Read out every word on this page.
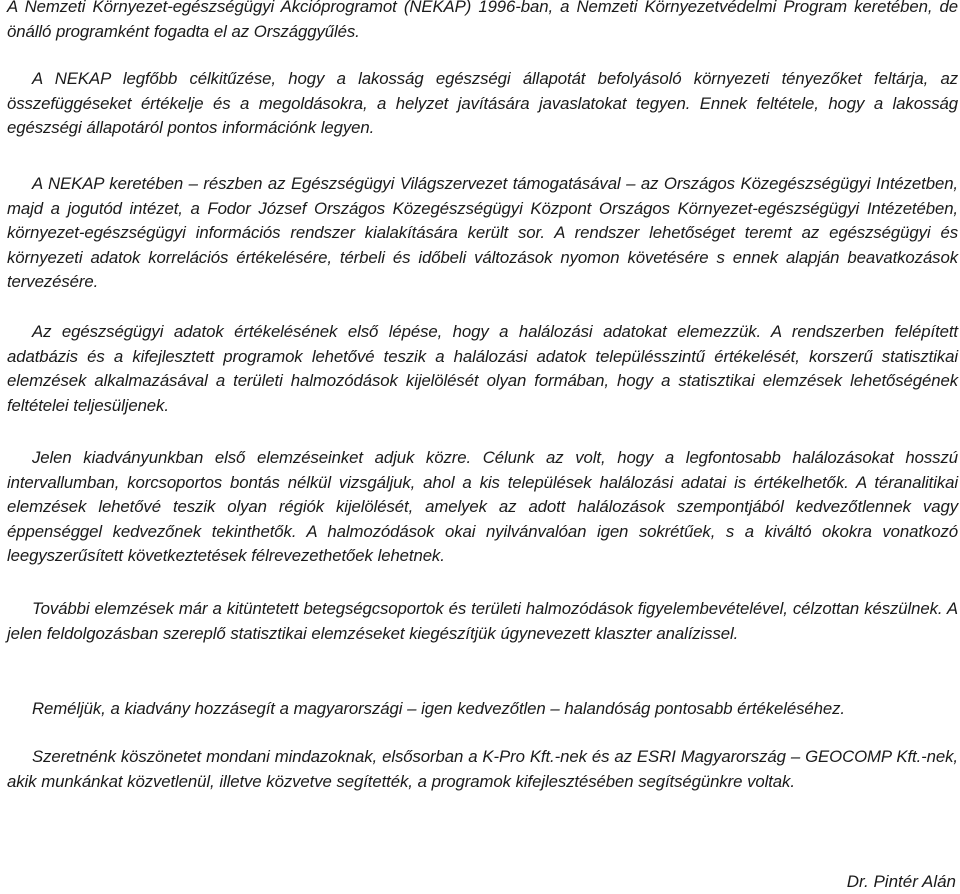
A Nemzeti Környezet-egészségügyi Akcióprogramot (NEKAP) 1996-ban, a Nemzeti Környezetvédelmi Program keretében, de önálló programként fogadta el az Országgyűlés.

A NEKAP legfőbb célkitűzése, hogy a lakosság egészségi állapotát befolyásoló környezeti tényezőket feltárja, az összefüggéseket értékelje és a megoldásokra, a helyzet javítására javaslatokat tegyen. Ennek feltétele, hogy a lakosság egészségi állapotáról pontos információnk legyen.

A NEKAP keretében – részben az Egészségügyi Világszervezet támogatásával – az Országos Közegészségügyi Intézetben, majd a jogutód intézet, a Fodor József Országos Közegészségügyi Központ Országos Környezet-egészségügyi Intézetében, környezet-egészségügyi információs rendszer kialakítására került sor. A rendszer lehetőséget teremt az egészségügyi és környezeti adatok korrelációs értékelésére, térbeli és időbeli változások nyomon követésére s ennek alapján beavatkozások tervezésére.

Az egészségügyi adatok értékelésének első lépése, hogy a halálozási adatokat elemezzük. A rendszerben felépített adatbázis és a kifejlesztett programok lehetővé teszik a halálozási adatok településszintű értékelését, korszerű statisztikai elemzések alkalmazásával a területi halmozódások kijelölését olyan formában, hogy a statisztikai elemzések lehetőségének feltételei teljesüljenek.

Jelen kiadványunkban első elemzéseinket adjuk közre. Célunk az volt, hogy a legfontosabb halálozásokat hosszú intervallumban, korcsoportos bontás nélkül vizsgáljuk, ahol a kis települések halálozási adatai is értékelhetők. A téranalitikai elemzések lehetővé teszik olyan régiók kijelölését, amelyek az adott halálozások szempontjából kedvezőtlennek vagy éppenséggel kedvezőnek tekinthetők. A halmozódások okai nyilvánvalóan igen sokrétűek, s a kiváltó okokra vonatkozó leegyszerűsített következtetések félrevezethetőek lehetnek.

További elemzések már a kitüntetett betegségcsoportok és területi halmozódások figyelembevételével, célzottan készülnek. A jelen feldolgozásban szereplő statisztikai elemzéseket kiegészítjük úgynevezett klaszter analízissel.

Reméljük, a kiadvány hozzásegít a magyarországi – igen kedvezőtlen – halandóság pontosabb értékeléséhez.

Szeretnénk köszönetet mondani mindazoknak, elsősorban a K-Pro Kft.-nek és az ESRI Magyarország – GEOCOMP Kft.-nek, akik munkánkat közvetlenül, illetve közvetve segítették, a programok kifejlesztésében segítségünkre voltak.

Dr. Pintér Alán
